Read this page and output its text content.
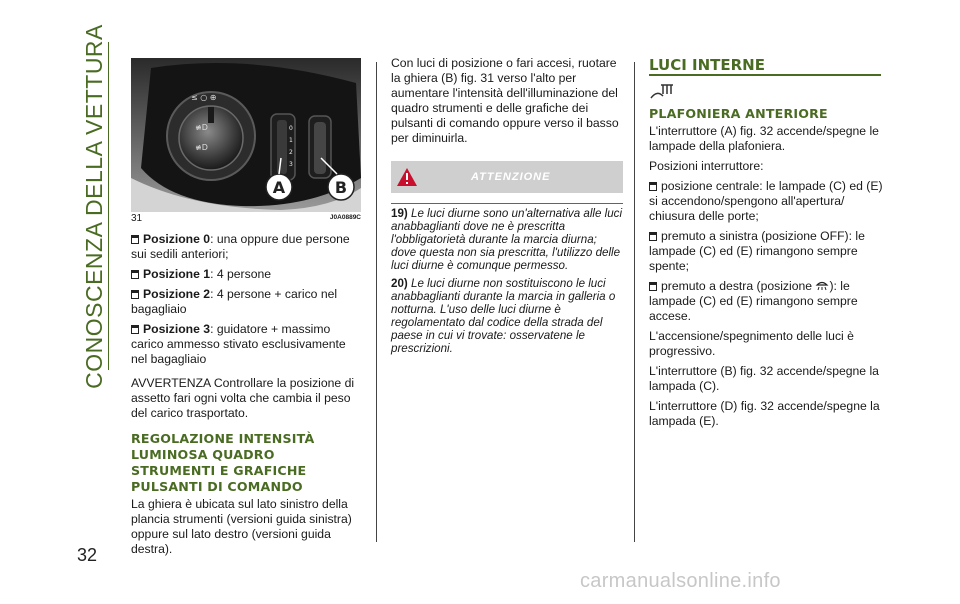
CONOSCENZA DELLA VETTURA
32
≤ ○ ⊕
≢D
≢D
0
1
2
3
A	B
31	J0A0889C

Posizione 0: una oppure due persone sui sedili anteriori;

Posizione 1: 4 persone

Posizione 2: 4 persone + carico nel bagagliaio

Posizione 3: guidatore + massimo carico ammesso stivato esclusivamente nel bagagliaio

AVVERTENZA Controllare la posizione di assetto fari ogni volta che cambia il peso del carico trasportato.

REGOLAZIONE INTENSITÀ LUMINOSA QUADRO STRUMENTI E GRAFICHE PULSANTI DI COMANDO

La ghiera è ubicata sul lato sinistro della plancia strumenti (versioni guida sinistra) oppure sul lato destro (versioni guida destra).

Con luci di posizione o fari accesi, ruotare la ghiera (B) fig. 31 verso l'alto per aumentare l'intensità dell'illuminazione del quadro strumenti e delle grafiche dei pulsanti di comando oppure verso il basso per diminuirla.

ATTENZIONE

19) Le luci diurne sono un'alternativa alle luci anabbaglianti dove ne è prescritta l'obbligatorietà durante la marcia diurna; dove questa non sia prescritta, l'utilizzo delle luci diurne è comunque permesso.

20) Le luci diurne non sostituiscono le luci anabbaglianti durante la marcia in galleria o notturna. L'uso delle luci diurne è regolamentato dal codice della strada del paese in cui vi trovate: osservatene le prescrizioni.

LUCI INTERNE
PLAFONIERA ANTERIORE

L'interruttore (A) fig. 32 accende/spegne le lampade della plafoniera.

Posizioni interruttore:

posizione centrale: le lampade (C) ed (E) si accendono/spengono all'apertura/ chiusura delle porte;

premuto a sinistra (posizione OFF): le lampade (C) ed (E) rimangono sempre spente;

premuto a destra (posizione ): le lampade (C) ed (E) rimangono sempre accese.

L'accensione/spegnimento delle luci è progressivo.

L'interruttore (B) fig. 32 accende/spegne la lampada (C).

L'interruttore (D) fig. 32 accende/spegne la lampada (E).

carmanualsonline.info
